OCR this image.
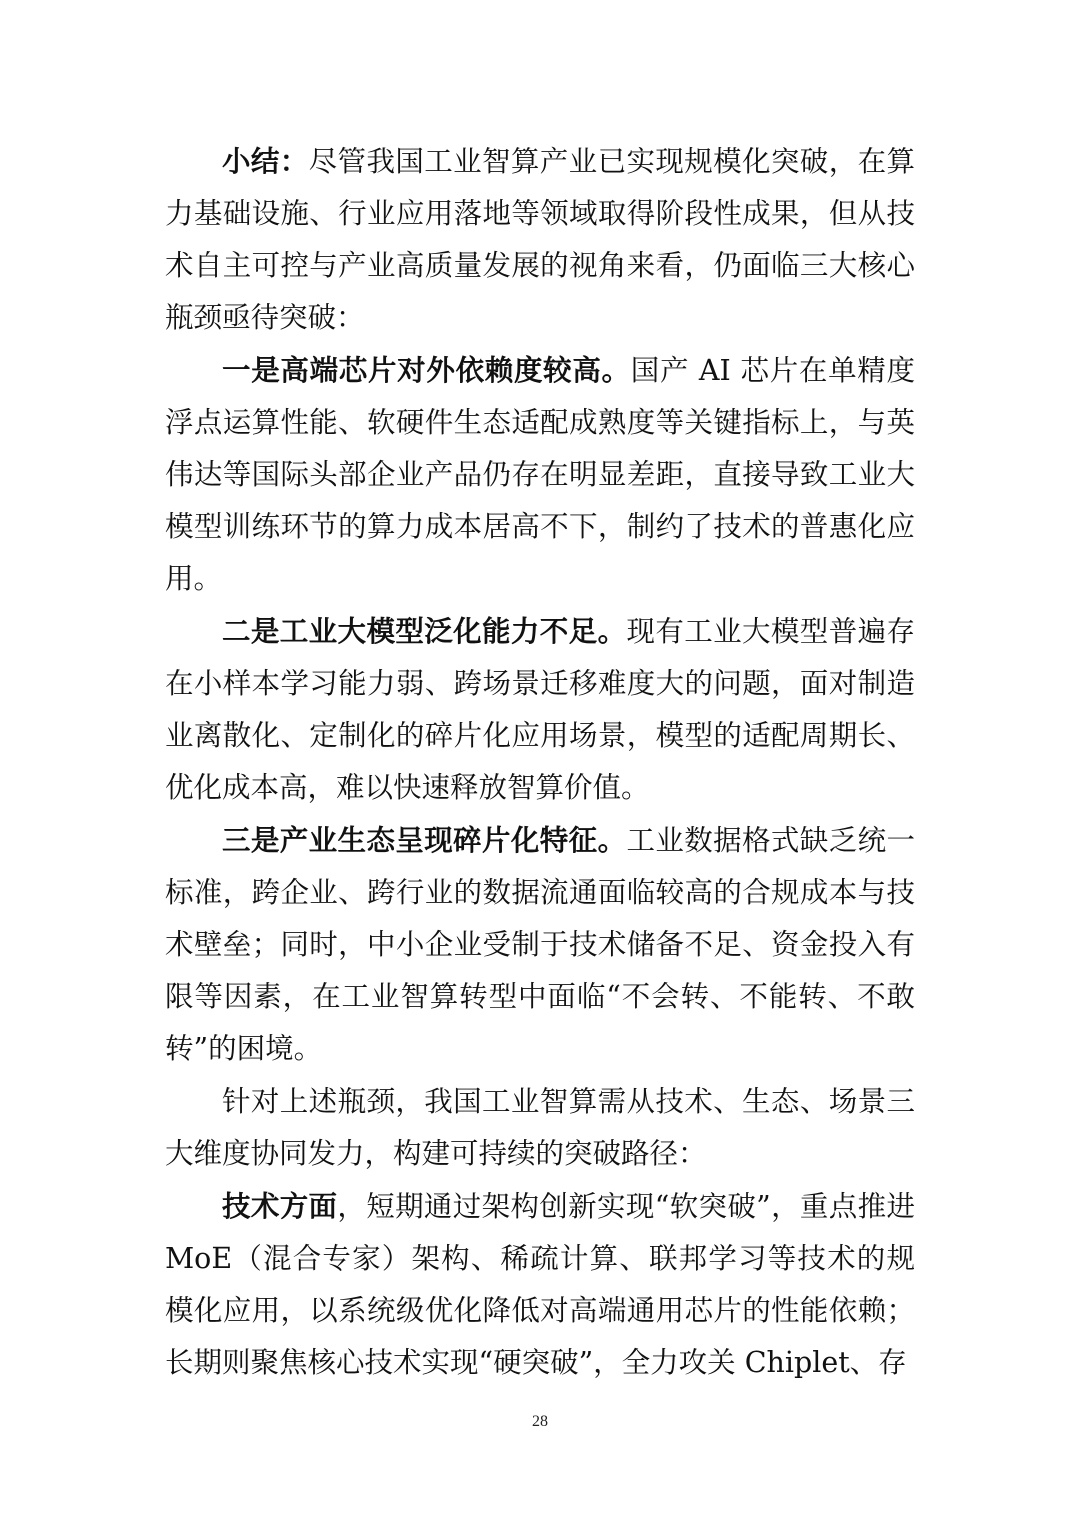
小结：尽管我国工业智算产业已实现规模化突破，在算力基础设施、行业应用落地等领域取得阶段性成果，但从技术自主可控与产业高质量发展的视角来看，仍面临三大核心瓶颈亟待突破：

一是高端芯片对外依赖度较高。国产 AI 芯片在单精度浮点运算性能、软硬件生态适配成熟度等关键指标上，与英伟达等国际头部企业产品仍存在明显差距，直接导致工业大模型训练环节的算力成本居高不下，制约了技术的普惠化应用。

二是工业大模型泛化能力不足。现有工业大模型普遍存在小样本学习能力弱、跨场景迁移难度大的问题，面对制造业离散化、定制化的碎片化应用场景，模型的适配周期长、优化成本高，难以快速释放智算价值。

三是产业生态呈现碎片化特征。工业数据格式缺乏统一标准，跨企业、跨行业的数据流通面临较高的合规成本与技术壁垒；同时，中小企业受制于技术储备不足、资金投入有限等因素，在工业智算转型中面临“不会转、不能转、不敢转”的困境。

针对上述瓶颈，我国工业智算需从技术、生态、场景三大维度协同发力，构建可持续的突破路径：

技术方面，短期通过架构创新实现“软突破”，重点推进 MoE（混合专家）架构、稀疏计算、联邦学习等技术的规模化应用，以系统级优化降低对高端通用芯片的性能依赖；长期则聚焦核心技术实现“硬突破”，全力攻关 Chiplet、存

28
